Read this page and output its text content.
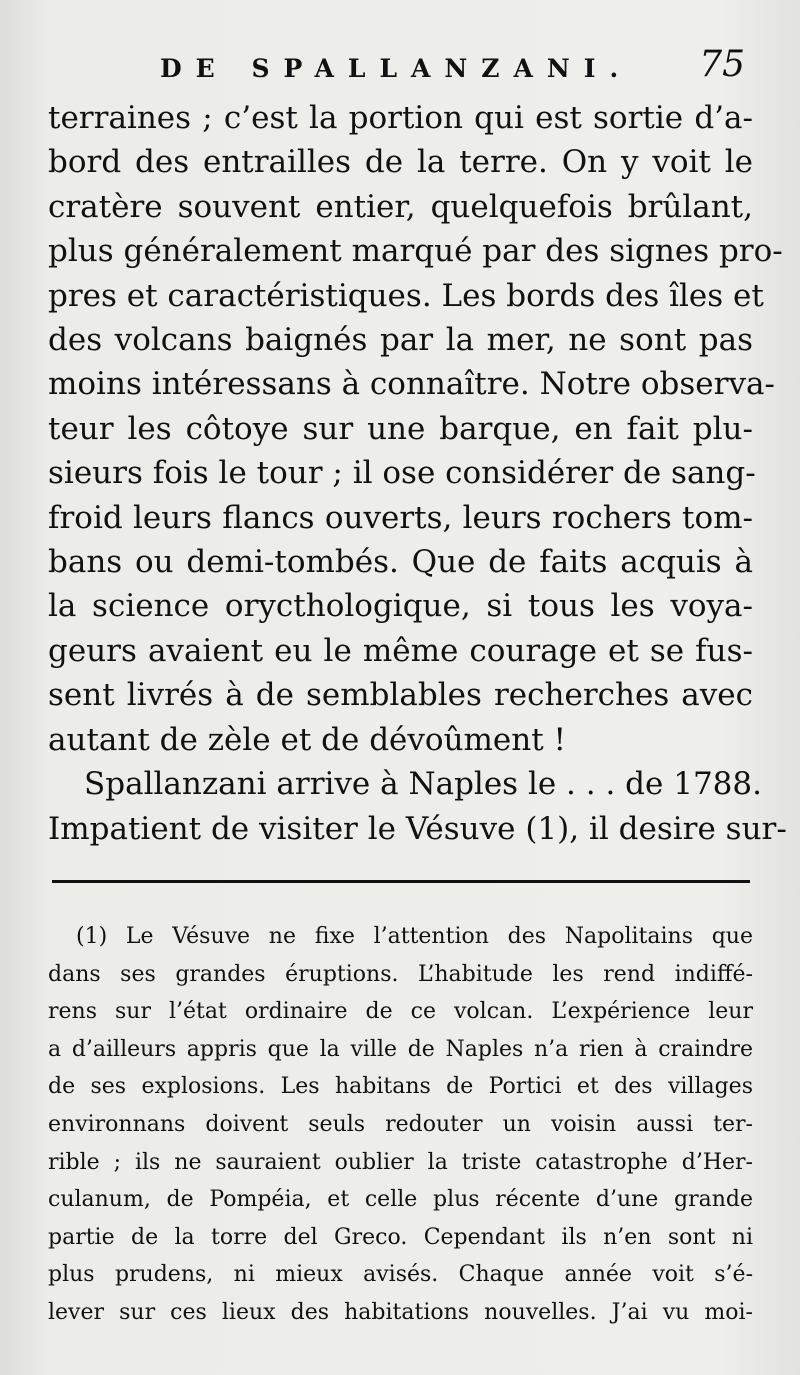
DE SPALLANZANI. 75
terraines ; c’est la portion qui est sortie d’a-
bord des entrailles de la terre. On y voit le
cratère souvent entier, quelquefois brûlant,
plus généralement marqué par des signes pro-
pres et caractéristiques. Les bords des îles et
des volcans baignés par la mer, ne sont pas
moins intéressans à connaître. Notre observa-
teur les côtoye sur une barque, en fait plu-
sieurs fois le tour ; il ose considérer de sang-
froid leurs flancs ouverts, leurs rochers tom-
bans ou demi-tombés. Que de faits acquis à
la science orycthologique, si tous les voya-
geurs avaient eu le même courage et se fus-
sent livrés à de semblables recherches avec
autant de zèle et de dévoûment !
Spallanzani arrive à Naples le . . . de 1788.
Impatient de visiter le Vésuve (1), il desire sur-
(1) Le Vésuve ne fixe l’attention des Napolitains que
dans ses grandes éruptions. L’habitude les rend indiffé-
rens sur l’état ordinaire de ce volcan. L’expérience leur
a d’ailleurs appris que la ville de Naples n’a rien à craindre
de ses explosions. Les habitans de Portici et des villages
environnans doivent seuls redouter un voisin aussi ter-
rible ; ils ne sauraient oublier la triste catastrophe d’Her-
culanum, de Pompéia, et celle plus récente d’une grande
partie de la torre del Greco. Cependant ils n’en sont ni
plus prudens, ni mieux avisés. Chaque année voit s’é-
lever sur ces lieux des habitations nouvelles. J’ai vu moi-
